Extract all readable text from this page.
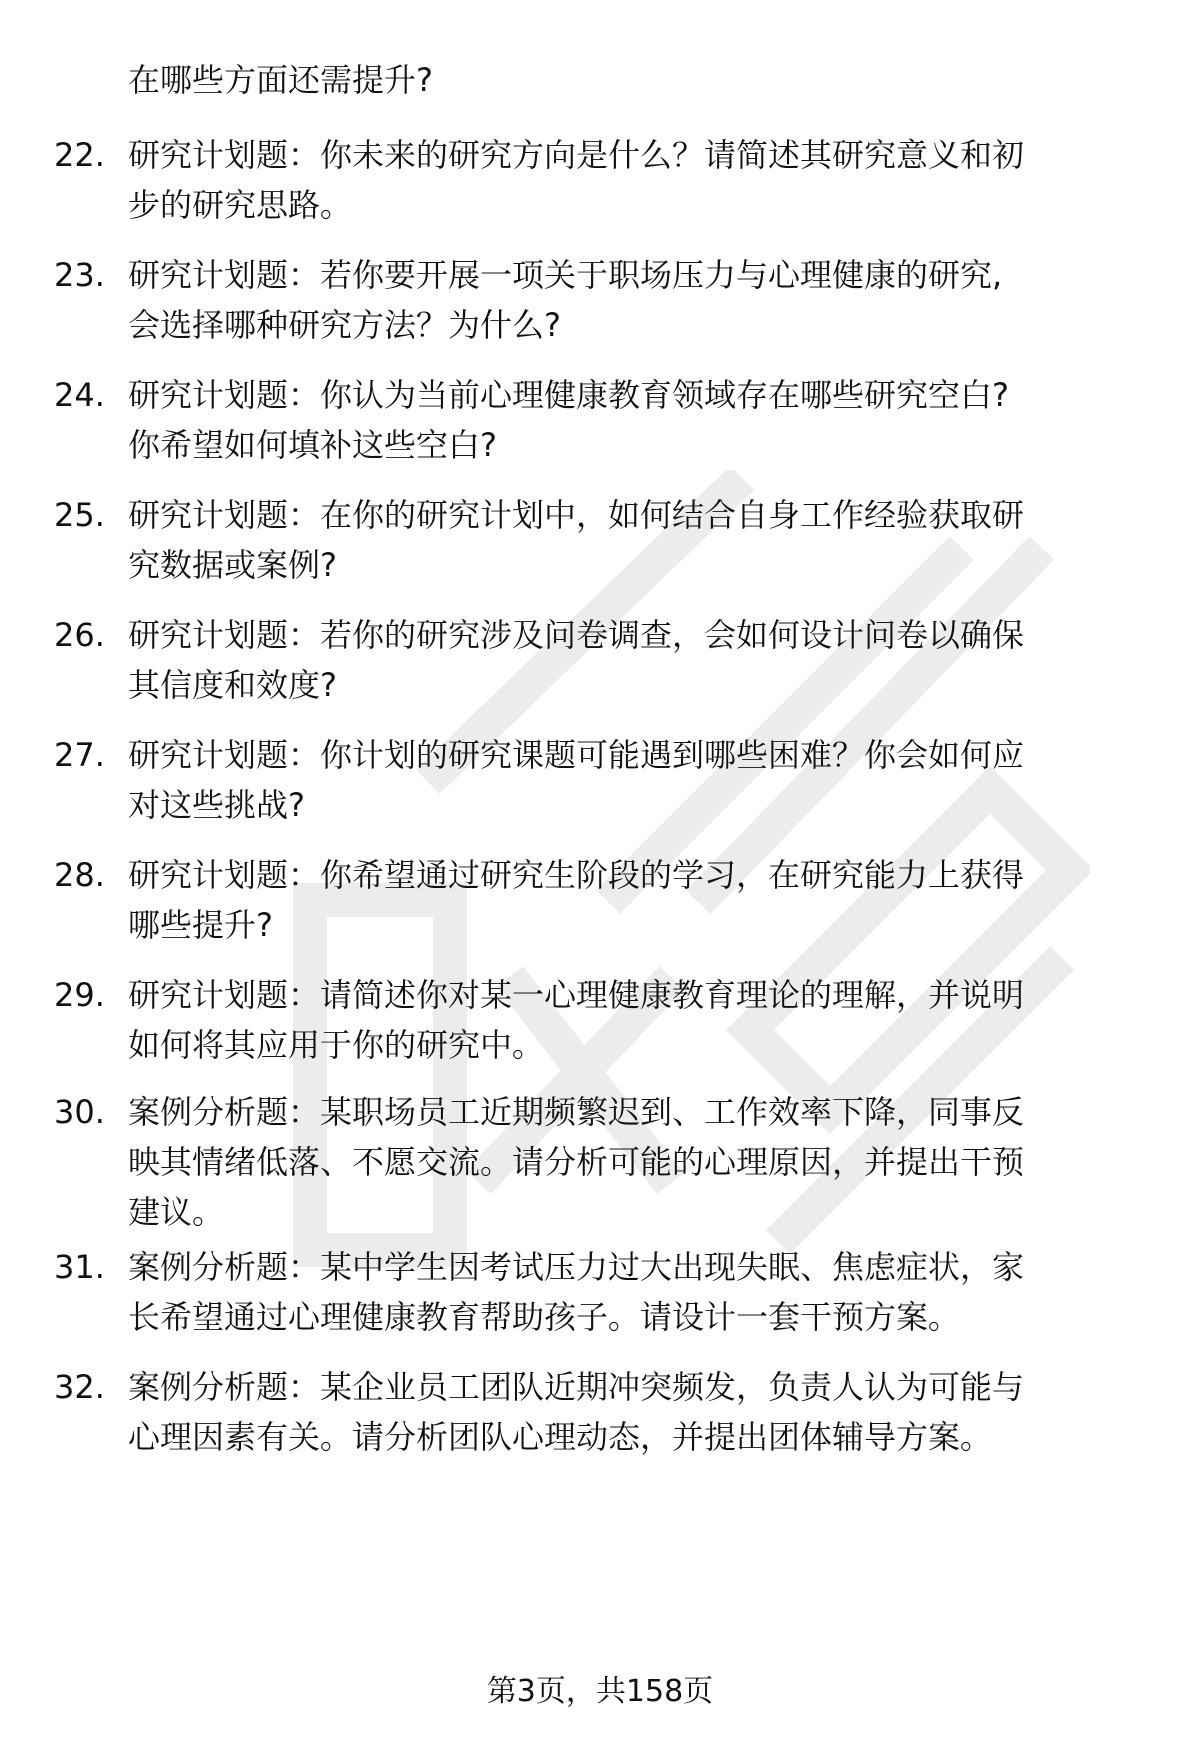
在哪些方面还需提升?
22. 研究计划题：你未来的研究方向是什么？请简述其研究意义和初
步的研究思路。
23. 研究计划题：若你要开展一项关于职场压力与心理健康的研究,
会选择哪种研究方法？为什么?
24. 研究计划题：你认为当前心理健康教育领域存在哪些研究空白?
你希望如何填补这些空白?
25. 研究计划题：在你的研究计划中，如何结合自身工作经验获取研
究数据或案例?
26. 研究计划题：若你的研究涉及问卷调查，会如何设计问卷以确保
其信度和效度?
27. 研究计划题：你计划的研究课题可能遇到哪些困难？你会如何应
对这些挑战?
28. 研究计划题：你希望通过研究生阶段的学习，在研究能力上获得
哪些提升?
29. 研究计划题：请简述你对某一心理健康教育理论的理解，并说明
如何将其应用于你的研究中。
30. 案例分析题：某职场员工近期频繁迟到、工作效率下降，同事反
映其情绪低落、不愿交流。请分析可能的心理原因，并提出干预
建议。
31. 案例分析题：某中学生因考试压力过大出现失眠、焦虑症状，家
长希望通过心理健康教育帮助孩子。请设计一套干预方案。
32. 案例分析题：某企业员工团队近期冲突频发，负责人认为可能与
心理因素有关。请分析团队心理动态，并提出团体辅导方案。
第3页，共158页
